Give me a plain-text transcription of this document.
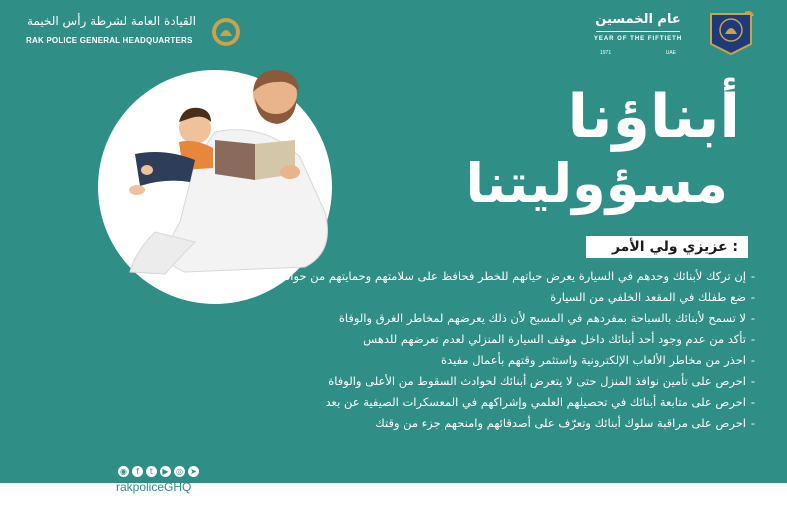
القيادة العامة لشرطة رأس الخيمة
RAK POLICE GENERAL HEADQUARTERS
عام الخمسين
YEAR OF THE FIFTIETH
1971	UAE
أبناؤنا
مسؤوليتنا
عزيزي ولي الأمر :
-إن تركك لأبنائك وحدهم في السيارة يعرض حياتهم للخطر فحافظ على سلامتهم وحمايتهم من حوادث الاختناق
-ضع طفلك في المقعد الخلفي من السيارة
-لا تسمح لأبنائك بالسباحة بمفردهم في المسبح لأن ذلك يعرضهم لمخاطر الغرق والوفاة
-تأكد من عدم وجود أحد أبنائك داخل موقف السيارة المنزلي لعدم تعرضهم للدهس
-احذر من مخاطر الألعاب الإلكترونية واستثمر وقتهم بأعمال مفيدة
-احرص على تأمين نوافذ المنزل حتى لا يتعرض أبنائك لحوادث السقوط من الأعلى والوفاة
-احرص على متابعة أبنائك في تحصيلهم العلمي وإشراكهم في المعسكرات الصيفية عن بعد
-احرص على مراقبة سلوك أبنائك وتعرّف على أصدقائهم وامنحهم جزء من وقتك
◉	f	t	▶ ◎ ➤
rakpoliceGHQ
